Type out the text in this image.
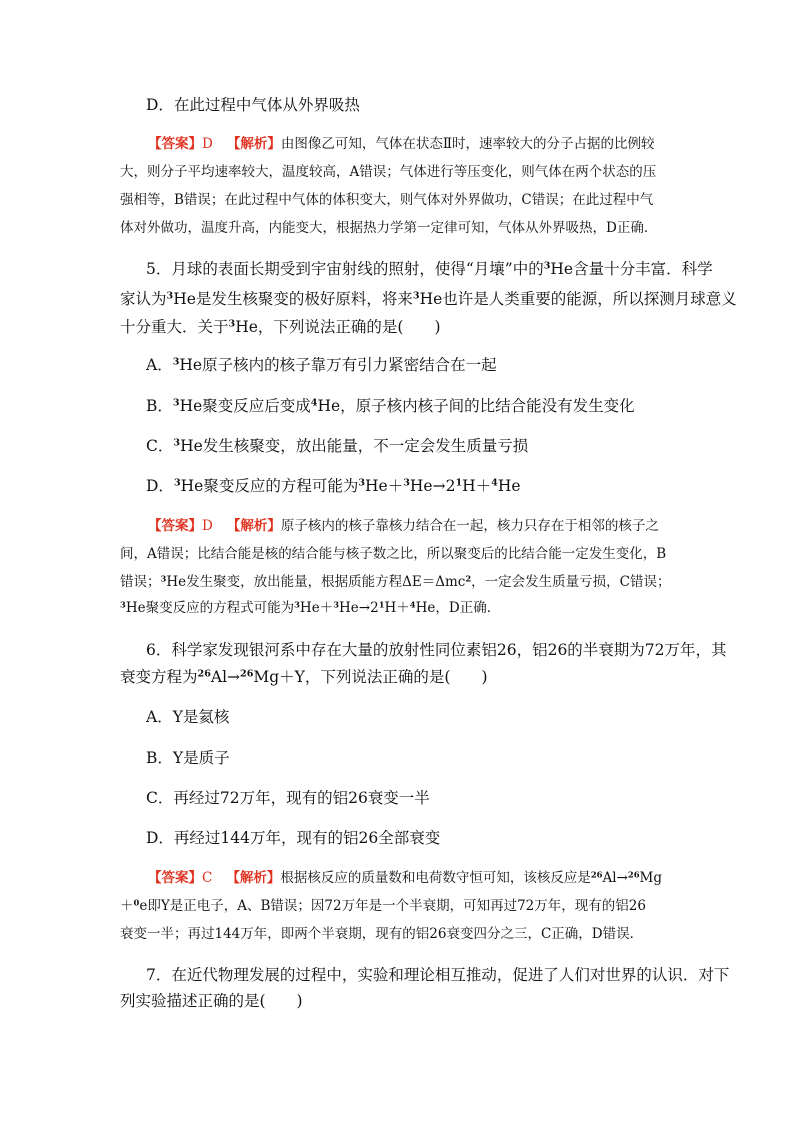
D．在此过程中气体从外界吸热
【答案】D 【解析】由图像乙可知，气体在状态Ⅱ时，速率较大的分子占据的比例较
大，则分子平均速率较大，温度较高，A错误；气体进行等压变化，则气体在两个状态的压
强相等，B错误；在此过程中气体的体积变大，则气体对外界做功，C错误；在此过程中气
体对外做功，温度升高，内能变大，根据热力学第一定律可知，气体从外界吸热，D正确．
5．月球的表面长期受到宇宙射线的照射，使得“月壤”中的$^3$He含量十分丰富．科学
家认为$^3$He是发生核聚变的极好原料，将来$^3$He也许是人类重要的能源，所以探测月球意义
十分重大．关于$^3$He，下列说法正确的是(　　)
A．$^3$He原子核内的核子靠万有引力紧密结合在一起
B．$^3$He聚变反应后变成$^4$He，原子核内核子间的比结合能没有发生变化
C．$^3$He发生核聚变，放出能量，不一定会发生质量亏损
D．$^3$He聚变反应的方程可能为$^3He+^3He\to 2^1H+^4He$
【答案】D 【解析】原子核内的核子靠核力结合在一起，核力只存在于相邻的核子之
间，A错误；比结合能是核的结合能与核子数之比，所以聚变后的比结合能一定发生变化，B
错误；$^3$He发生聚变，放出能量，根据质能方程ΔE＝Δmc$^2$，一定会发生质量亏损，C错误；
$^3$He聚变反应的方程式可能为$^3He+^3He\to 2^1H+^4He$，D正确．
6．科学家发现银河系中存在大量的放射性同位素铝26，铝26的半衰期为72万年，其
衰变方程为$^{26}$Al→$^{26}$Mg＋Y，下列说法正确的是(　　)
A．Y是氦核
B．Y是质子
C．再经过72万年，现有的铝26衰变一半
D．再经过144万年，现有的铝26全部衰变
【答案】C 【解析】根据核反应的质量数和电荷数守恒可知，该核反应是$^{26}$Al→$^{26}$Mg
＋$^0$e即Y是正电子，A、B错误；因72万年是一个半衰期，可知再过72万年，现有的铝26
衰变一半；再过144万年，即两个半衰期，现有的铝26衰变四分之三，C正确，D错误．
7．在近代物理发展的过程中，实验和理论相互推动，促进了人们对世界的认识．对下
列实验描述正确的是(　　)
